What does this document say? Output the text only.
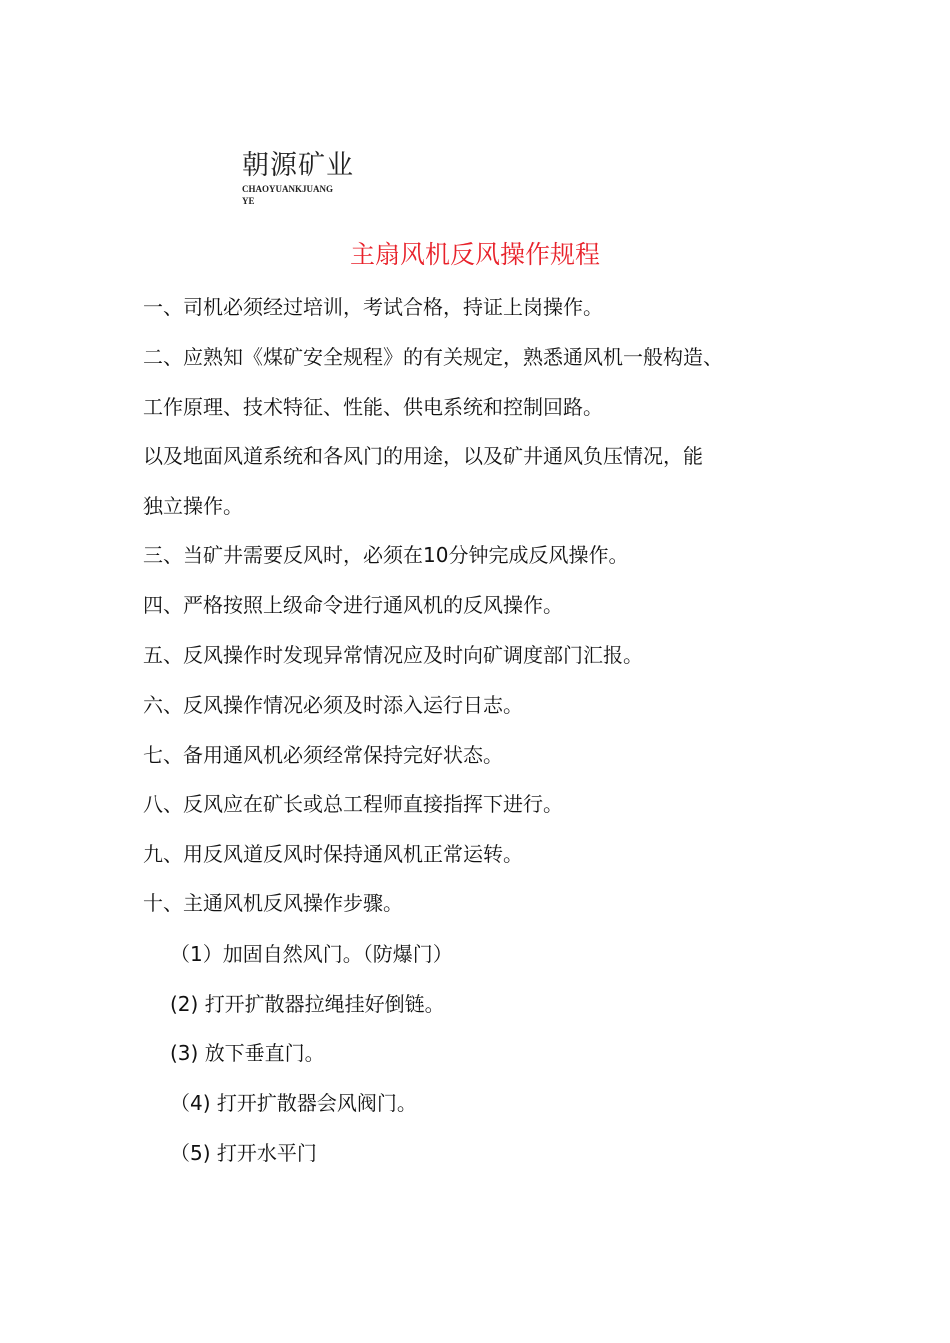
朝源矿业
CHAOYUANKJUANGYE
主扇风机反风操作规程
一、司机必须经过培训，考试合格，持证上岗操作。
二、应熟知《煤矿安全规程》的有关规定，熟悉通风机一般构造、
工作原理、技术特征、性能、供电系统和控制回路。
以及地面风道系统和各风门的用途，以及矿井通风负压情况，能
独立操作。
三、当矿井需要反风时，必须在10分钟完成反风操作。
四、严格按照上级命令进行通风机的反风操作。
五、反风操作时发现异常情况应及时向矿调度部门汇报。
六、反风操作情况必须及时添入运行日志。
七、备用通风机必须经常保持完好状态。
八、反风应在矿长或总工程师直接指挥下进行。
九、用反风道反风时保持通风机正常运转。
十、主通风机反风操作步骤。
（1）加固自然风门。（防爆门）
(2) 打开扩散器拉绳挂好倒链。
(3) 放下垂直门。
（4) 打开扩散器会风阀门。
（5) 打开水平门
